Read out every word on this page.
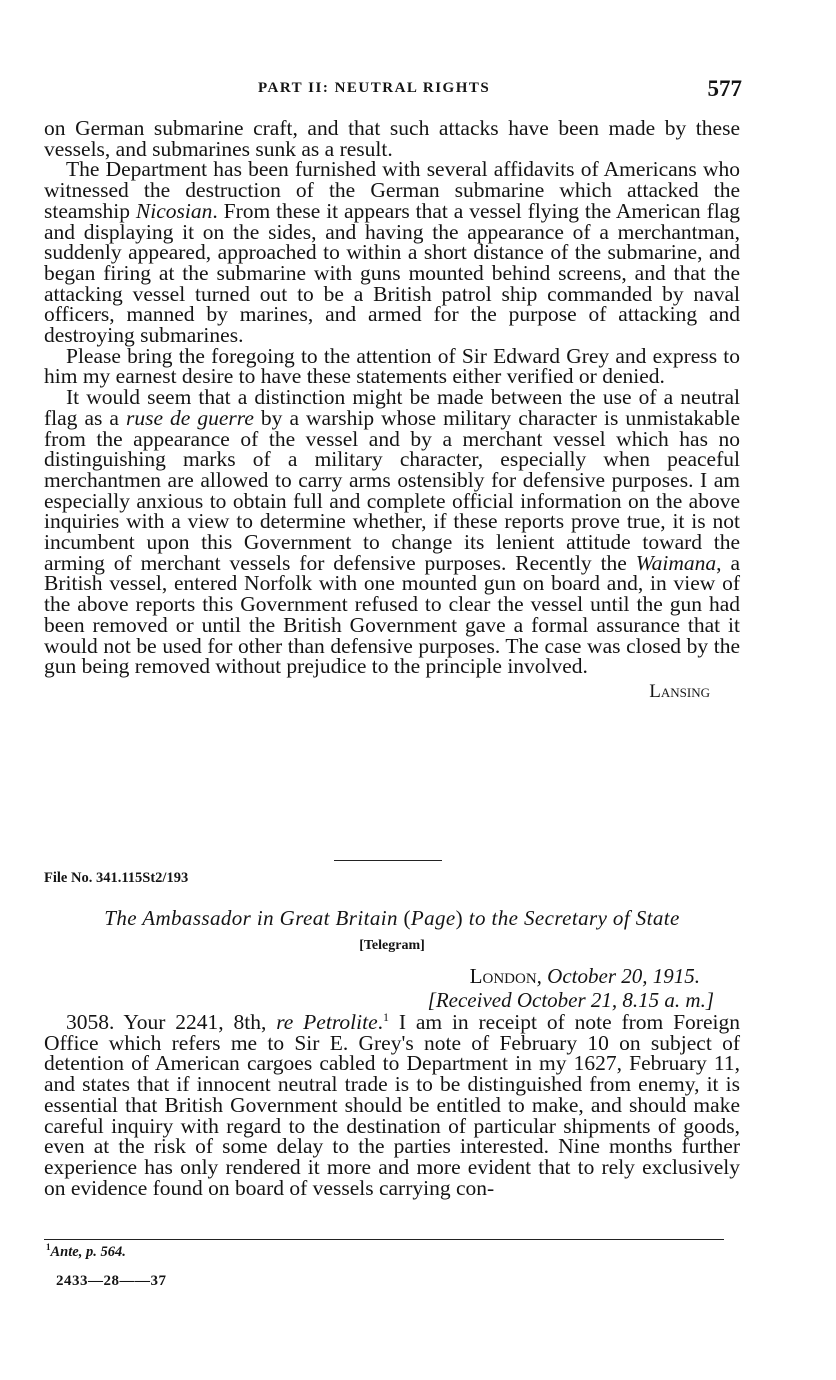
PART II: NEUTRAL RIGHTS	577

on German submarine craft, and that such attacks have been made by these vessels, and submarines sunk as a result.

The Department has been furnished with several affidavits of Americans who witnessed the destruction of the German submarine which attacked the steamship Nicosian. From these it appears that a vessel flying the American flag and displaying it on the sides, and having the appearance of a merchantman, suddenly appeared, approached to within a short distance of the submarine, and began firing at the submarine with guns mounted behind screens, and that the attacking vessel turned out to be a British patrol ship commanded by naval officers, manned by marines, and armed for the purpose of attacking and destroying submarines.

Please bring the foregoing to the attention of Sir Edward Grey and express to him my earnest desire to have these statements either verified or denied.

It would seem that a distinction might be made between the use of a neutral flag as a ruse de guerre by a warship whose military character is unmistakable from the appearance of the vessel and by a merchant vessel which has no distinguishing marks of a military character, especially when peaceful merchantmen are allowed to carry arms ostensibly for defensive purposes. I am especially anxious to obtain full and complete official information on the above inquiries with a view to determine whether, if these reports prove true, it is not incumbent upon this Government to change its lenient attitude toward the arming of merchant vessels for defensive purposes. Recently the Waimana, a British vessel, entered Norfolk with one mounted gun on board and, in view of the above reports this Government refused to clear the vessel until the gun had been removed or until the British Government gave a formal assurance that it would not be used for other than defensive purposes. The case was closed by the gun being removed without prejudice to the principle involved.

Lansing
File No. 341.115St2/193
The Ambassador in Great Britain (Page) to the Secretary of State
[Telegram]
London, October 20, 1915.
[Received October 21, 8.15 a. m.]

3058. Your 2241, 8th, re Petrolite.$^1$ I am in receipt of note from Foreign Office which refers me to Sir E. Grey's note of February 10 on subject of detention of American cargoes cabled to Department in my 1627, February 11, and states that if innocent neutral trade is to be distinguished from enemy, it is essential that British Government should be entitled to make, and should make careful inquiry with regard to the destination of particular shipments of goods, even at the risk of some delay to the parties interested. Nine months further experience has only rendered it more and more evident that to rely exclusively on evidence found on board of vessels carrying con-

$^1$Ante, p. 564.
2433—28——37
